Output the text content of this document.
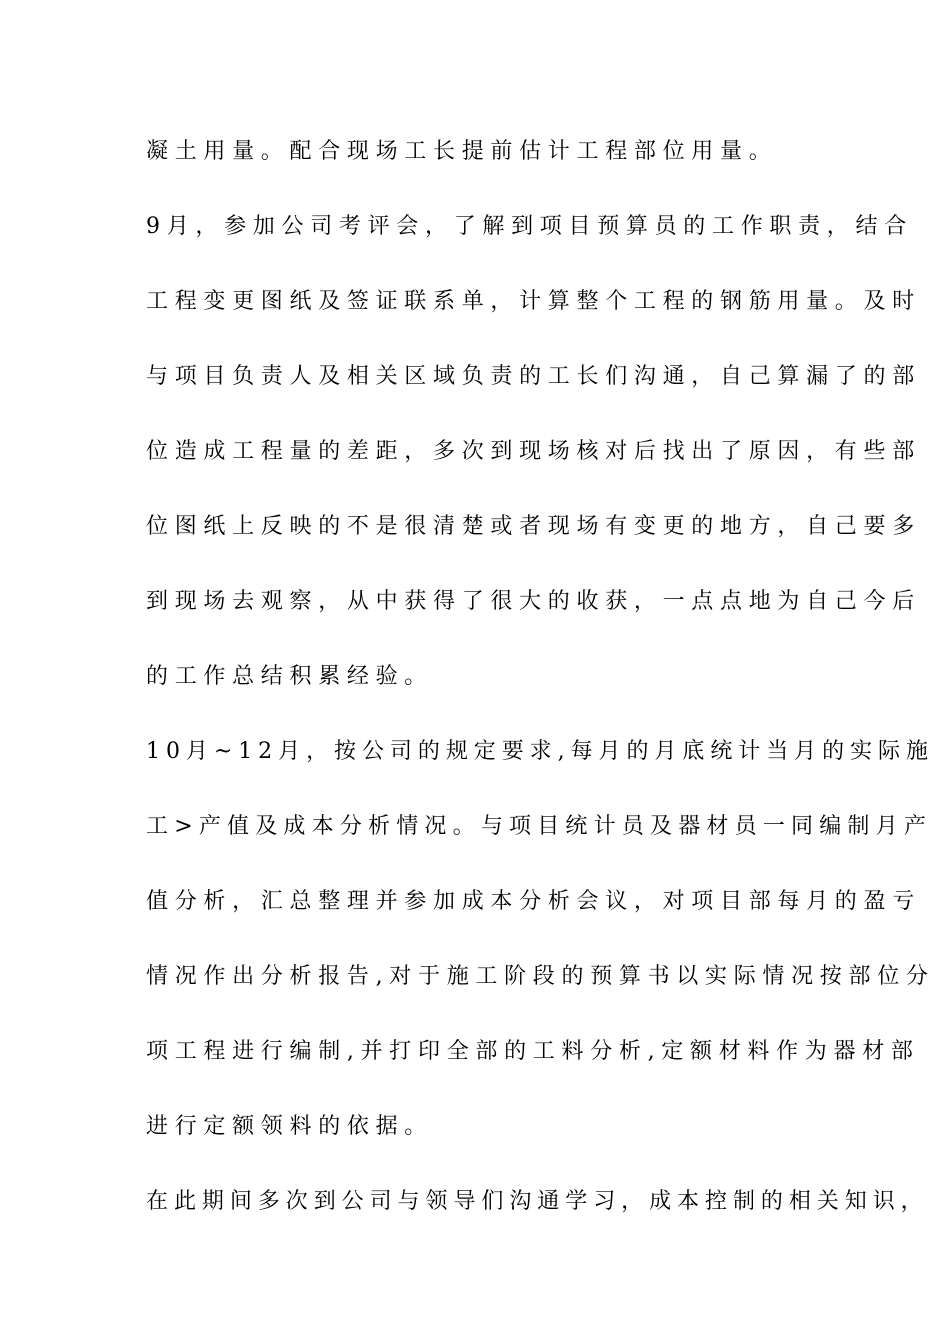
凝土用量。配合现场工长提前估计工程部位用量。
9月，参加公司考评会，了解到项目预算员的工作职责，结合
工程变更图纸及签证联系单，计算整个工程的钢筋用量。及时
与项目负责人及相关区域负责的工长们沟通，自己算漏了的部
位造成工程量的差距，多次到现场核对后找出了原因，有些部
位图纸上反映的不是很清楚或者现场有变更的地方，自己要多
到现场去观察，从中获得了很大的收获，一点点地为自己今后
的工作总结积累经验。
10月~12月，按公司的规定要求,每月的月底统计当月的实际施
工>产值及成本分析情况。与项目统计员及器材员一同编制月产
值分析，汇总整理并参加成本分析会议，对项目部每月的盈亏
情况作出分析报告,对于施工阶段的预算书以实际情况按部位分
项工程进行编制,并打印全部的工料分析,定额材料作为器材部
进行定额领料的依据。
在此期间多次到公司与领导们沟通学习，成本控制的相关知识，
